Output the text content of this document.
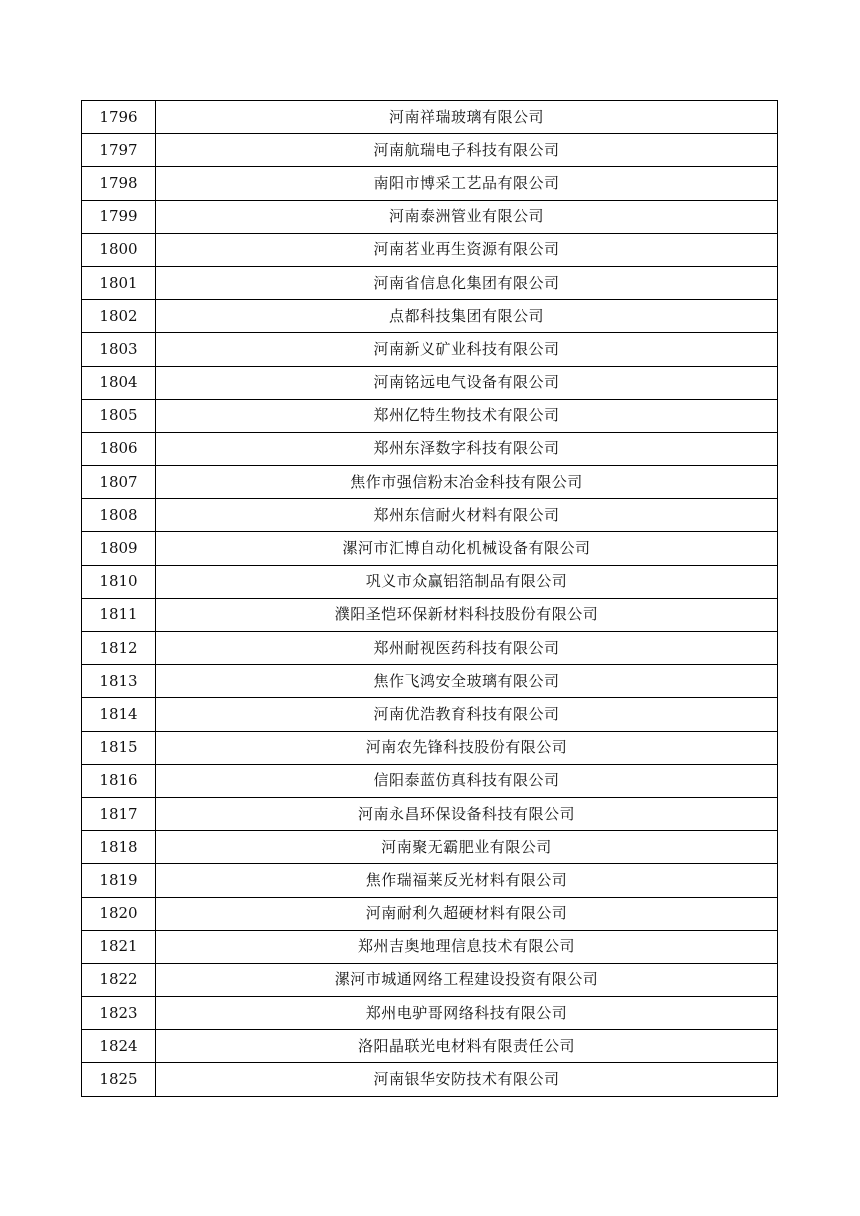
1796	河南祥瑞玻璃有限公司
1797	河南航瑞电子科技有限公司
1798	南阳市博采工艺品有限公司
1799	河南泰洲管业有限公司
1800	河南茗业再生资源有限公司
1801	河南省信息化集团有限公司
1802	点都科技集团有限公司
1803	河南新义矿业科技有限公司
1804	河南铭远电气设备有限公司
1805	郑州亿特生物技术有限公司
1806	郑州东泽数字科技有限公司
1807	焦作市强信粉末冶金科技有限公司
1808	郑州东信耐火材料有限公司
1809	漯河市汇博自动化机械设备有限公司
1810	巩义市众赢铝箔制品有限公司
1811	濮阳圣恺环保新材料科技股份有限公司
1812	郑州耐视医药科技有限公司
1813	焦作飞鸿安全玻璃有限公司
1814	河南优浩教育科技有限公司
1815	河南农先锋科技股份有限公司
1816	信阳泰蓝仿真科技有限公司
1817	河南永昌环保设备科技有限公司
1818	河南聚无霸肥业有限公司
1819	焦作瑞福莱反光材料有限公司
1820	河南耐利久超硬材料有限公司
1821	郑州吉奥地理信息技术有限公司
1822	漯河市城通网络工程建设投资有限公司
1823	郑州电驴哥网络科技有限公司
1824	洛阳晶联光电材料有限责任公司
1825	河南银华安防技术有限公司
